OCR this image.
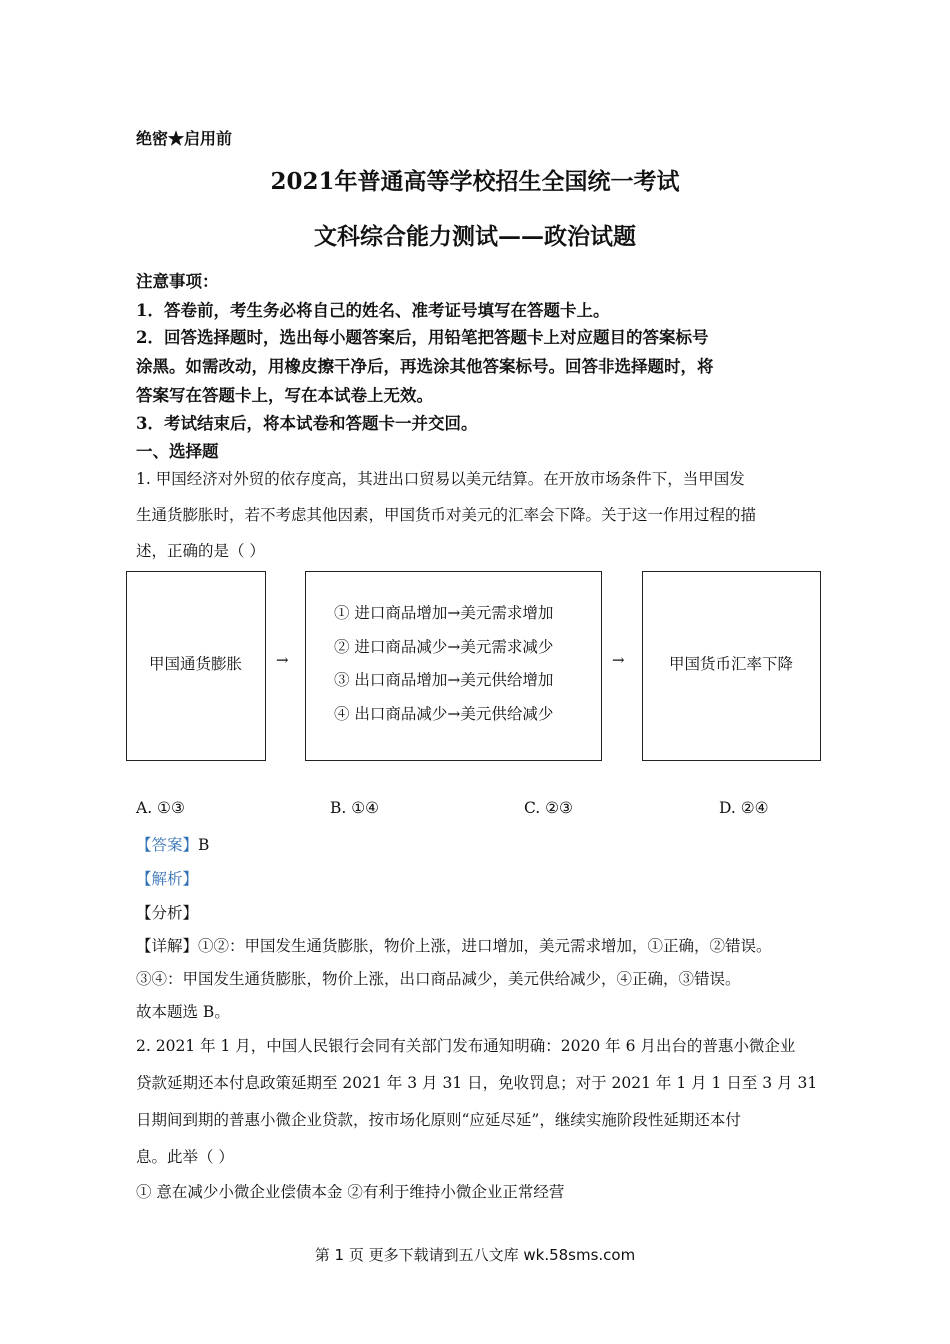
绝密★启用前
2021年普通高等学校招生全国统一考试
文科综合能力测试——政治试题
注意事项：
1．答卷前，考生务必将自己的姓名、准考证号填写在答题卡上。
2．回答选择题时，选出每小题答案后，用铅笔把答题卡上对应题目的答案标号
涂黑。如需改动，用橡皮擦干净后，再选涂其他答案标号。回答非选择题时，将
答案写在答题卡上，写在本试卷上无效。
3．考试结束后，将本试卷和答题卡一并交回。
一、选择题
1. 甲国经济对外贸的依存度高，其进出口贸易以美元结算。在开放市场条件下，当甲国发
生通货膨胀时，若不考虑其他因素，甲国货币对美元的汇率会下降。关于这一作用过程的描
述，正确的是（ ）
甲国通货膨胀	→
① 进口商品增加→美元需求增加
② 进口商品减少→美元需求减少
③ 出口商品增加→美元供给增加
④ 出口商品减少→美元供给减少
→	甲国货币汇率下降
A. ①③	B. ①④	C. ②③	D. ②④
【答案】B
【解析】
【分析】
【详解】①②：甲国发生通货膨胀，物价上涨，进口增加，美元需求增加，①正确，②错误。
③④：甲国发生通货膨胀，物价上涨，出口商品减少，美元供给减少，④正确，③错误。
故本题选 B。
2. 2021 年 1 月，中国人民银行会同有关部门发布通知明确：2020 年 6 月出台的普惠小微企业
贷款延期还本付息政策延期至 2021 年 3 月 31 日，免收罚息；对于 2021 年 1 月 1 日至 3 月 31
日期间到期的普惠小微企业贷款，按市场化原则“应延尽延”，继续实施阶段性延期还本付
息。此举（ ）
① 意在减少小微企业偿债本金 ②有利于维持小微企业正常经营
第 1 页 更多下载请到五八文库 wk.58sms.com
